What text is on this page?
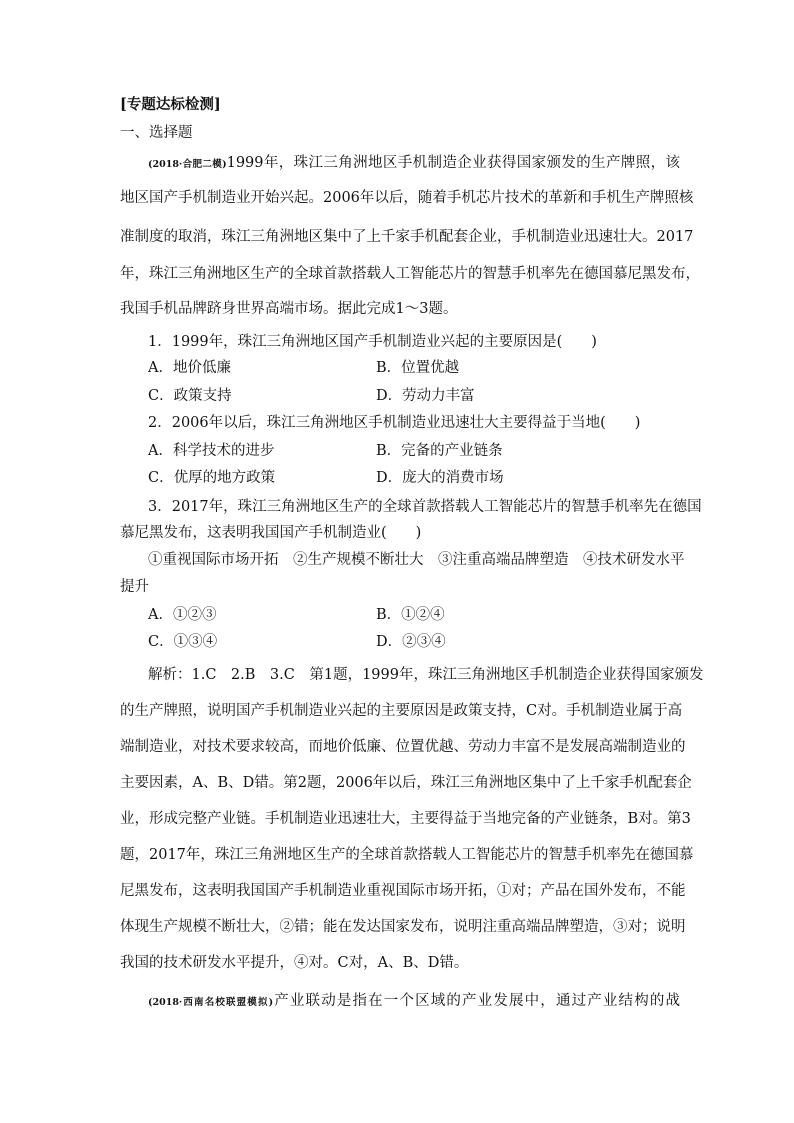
[专题达标检测]
一、选择题
(2018·合肥二模)1999年，珠江三角洲地区手机制造企业获得国家颁发的生产牌照，该
地区国产手机制造业开始兴起。2006年以后，随着手机芯片技术的革新和手机生产牌照核
准制度的取消，珠江三角洲地区集中了上千家手机配套企业，手机制造业迅速壮大。2017
年，珠江三角洲地区生产的全球首款搭载人工智能芯片的智慧手机率先在德国慕尼黑发布，
我国手机品牌跻身世界高端市场。据此完成1～3题。
1．1999年，珠江三角洲地区国产手机制造业兴起的主要原因是(　　)
A．地价低廉	B．位置优越
C．政策支持	D．劳动力丰富
2．2006年以后，珠江三角洲地区手机制造业迅速壮大主要得益于当地(　　)
A．科学技术的进步	B．完备的产业链条
C．优厚的地方政策	D．庞大的消费市场
3．2017年，珠江三角洲地区生产的全球首款搭载人工智能芯片的智慧手机率先在德国
慕尼黑发布，这表明我国国产手机制造业(　　)
①重视国际市场开拓　②生产规模不断壮大　③注重高端品牌塑造　④技术研发水平
提升
A．①②③	B．①②④
C．①③④	D．②③④
解析：1.C　2.B　3.C　第1题，1999年，珠江三角洲地区手机制造企业获得国家颁发
的生产牌照，说明国产手机制造业兴起的主要原因是政策支持，C对。手机制造业属于高
端制造业，对技术要求较高，而地价低廉、位置优越、劳动力丰富不是发展高端制造业的
主要因素，A、B、D错。第2题，2006年以后，珠江三角洲地区集中了上千家手机配套企
业，形成完整产业链。手机制造业迅速壮大，主要得益于当地完备的产业链条，B对。第3
题，2017年，珠江三角洲地区生产的全球首款搭载人工智能芯片的智慧手机率先在德国慕
尼黑发布，这表明我国国产手机制造业重视国际市场开拓，①对；产品在国外发布，不能
体现生产规模不断壮大，②错；能在发达国家发布，说明注重高端品牌塑造，③对；说明
我国的技术研发水平提升，④对。C对，A、B、D错。
(2018·西南名校联盟模拟)产业联动是指在一个区域的产业发展中，通过产业结构的战
